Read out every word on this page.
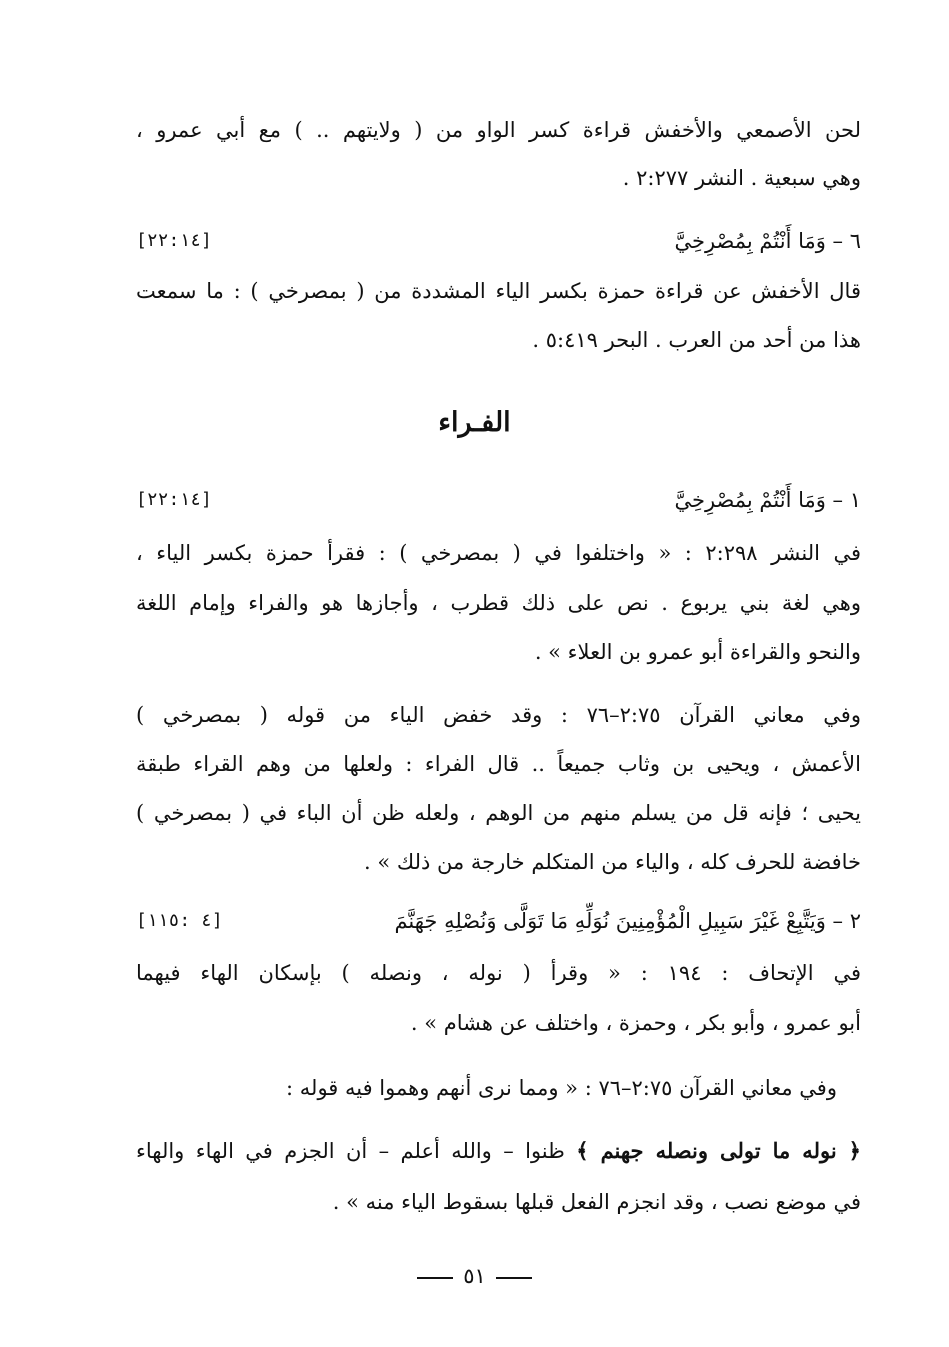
لحن الأصمعي والأخفش قراءة كسر الواو من ( ولايتهم .. ) مع أبي عمرو ،
وهي سبعية . النشر ٢:٢٧٧ .
٦ – وَمَا أَنْتُمْ بِمُصْرِخِيَّ
[٢٢:١٤]
قال الأخفش عن قراءة حمزة بكسر الياء المشددة من ( بمصرخي ) : ما سمعت
هذا من أحد من العرب . البحر ٥:٤١٩ .
الفـراء
١ – وَمَا أَنْتُمْ بِمُصْرِخِيَّ
[٢٢:١٤]
في النشر ٢:٢٩٨ : « واختلفوا في ( بمصرخي ) : فقرأ حمزة بكسر الياء ،
وهي لغة بني يربوع . نص على ذلك قطرب ، وأجازها هو والفراء وإمام اللغة
والنحو والقراءة أبو عمرو بن العلاء » .
وفي معاني القرآن ٢:٧٥–٧٦ : وقد خفض الياء من قوله ( بمصرخي )
الأعمش ، ويحيى بن وثاب جميعاً .. قال الفراء : ولعلها من وهم القراء طبقة
يحيى ؛ فإنه قل من يسلم منهم من الوهم ، ولعله ظن أن الباء في ( بمصرخي )
خافضة للحرف كله ، والياء من المتكلم خارجة من ذلك » .
٢ – وَيَتَّبِعْ غَيْرَ سَبِيلِ الْمُؤْمِنِينَ نُوَلِّهِ مَا تَوَلَّى وَنُصْلِهِ جَهَنَّمَ
[٤ :١١٥]
في الإتحاف : ١٩٤ : « وقرأ ( نوله ، ونصله ) بإسكان الهاء فيهما
أبو عمرو ، وأبو بكر ، وحمزة ، واختلف عن هشام » .
وفي معاني القرآن ٢:٧٥–٧٦ : « ومما نرى أنهم وهموا فيه قوله :
﴿ نوله ما تولى ونصله جهنم ﴾ ظنوا – والله أعلم – أن الجزم في الهاء والهاء
في موضع نصب ، وقد انجزم الفعل قبلها بسقوط الياء منه » .
٥١
